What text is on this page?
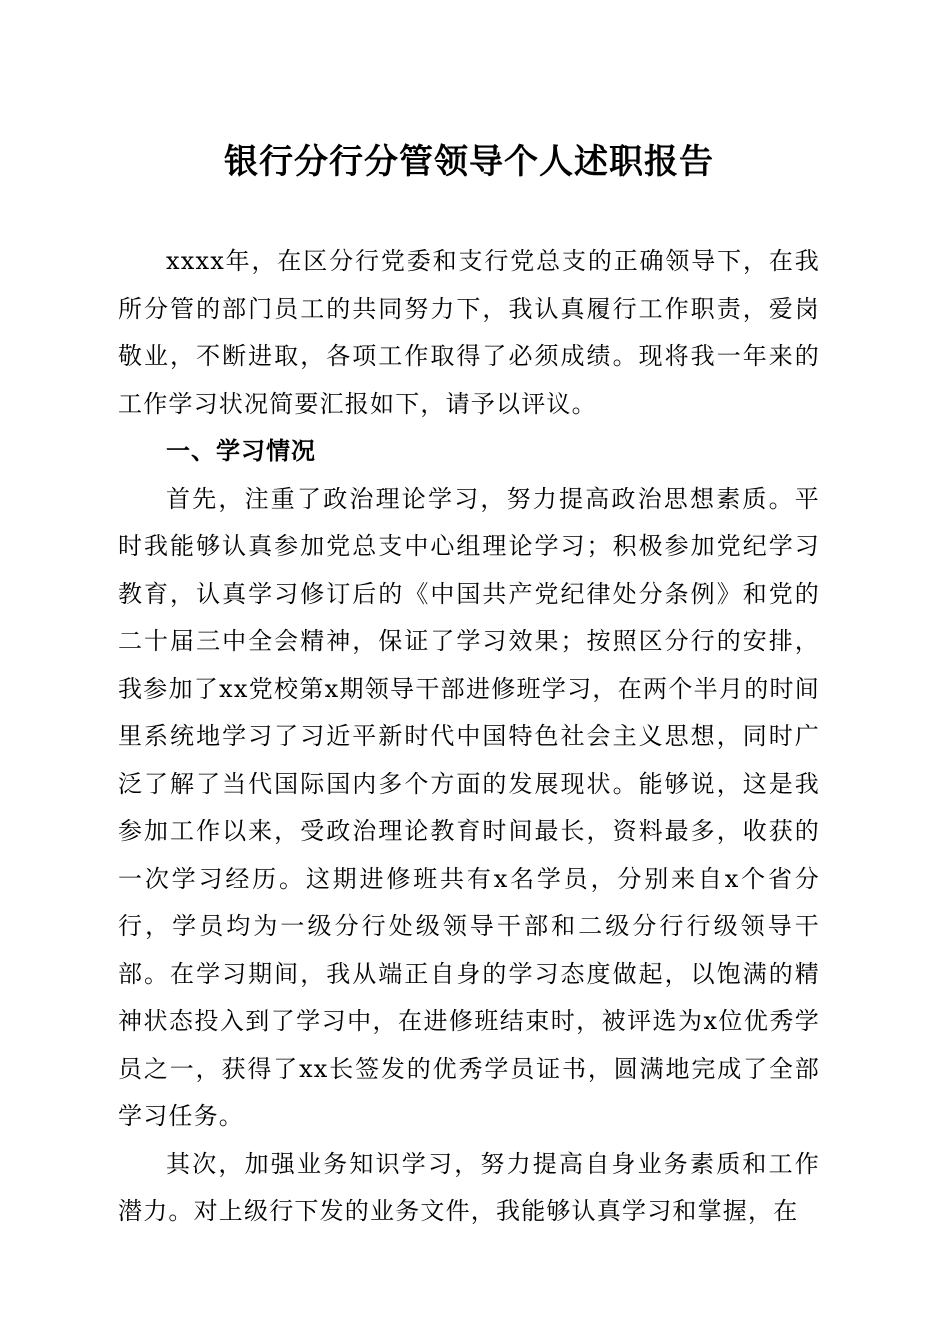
银行分行分管领导个人述职报告

xxxx年，在区分行党委和支行党总支的正确领导下，在我所分管的部门员工的共同努力下，我认真履行工作职责，爱岗敬业，不断进取，各项工作取得了必须成绩。现将我一年来的工作学习状况简要汇报如下，请予以评议。

一、学习情况

首先，注重了政治理论学习，努力提高政治思想素质。平时我能够认真参加党总支中心组理论学习；积极参加党纪学习教育，认真学习修订后的《中国共产党纪律处分条例》和党的二十届三中全会精神，保证了学习效果；按照区分行的安排，我参加了xx党校第x期领导干部进修班学习，在两个半月的时间里系统地学习了习近平新时代中国特色社会主义思想，同时广泛了解了当代国际国内多个方面的发展现状。能够说，这是我参加工作以来，受政治理论教育时间最长，资料最多，收获的一次学习经历。这期进修班共有x名学员，分别来自x个省分行，学员均为一级分行处级领导干部和二级分行行级领导干部。在学习期间，我从端正自身的学习态度做起，以饱满的精神状态投入到了学习中，在进修班结束时，被评选为x位优秀学员之一，获得了xx长签发的优秀学员证书，圆满地完成了全部学习任务。

其次，加强业务知识学习，努力提高自身业务素质和工作潜力。对上级行下发的业务文件，我能够认真学习和掌握，在
